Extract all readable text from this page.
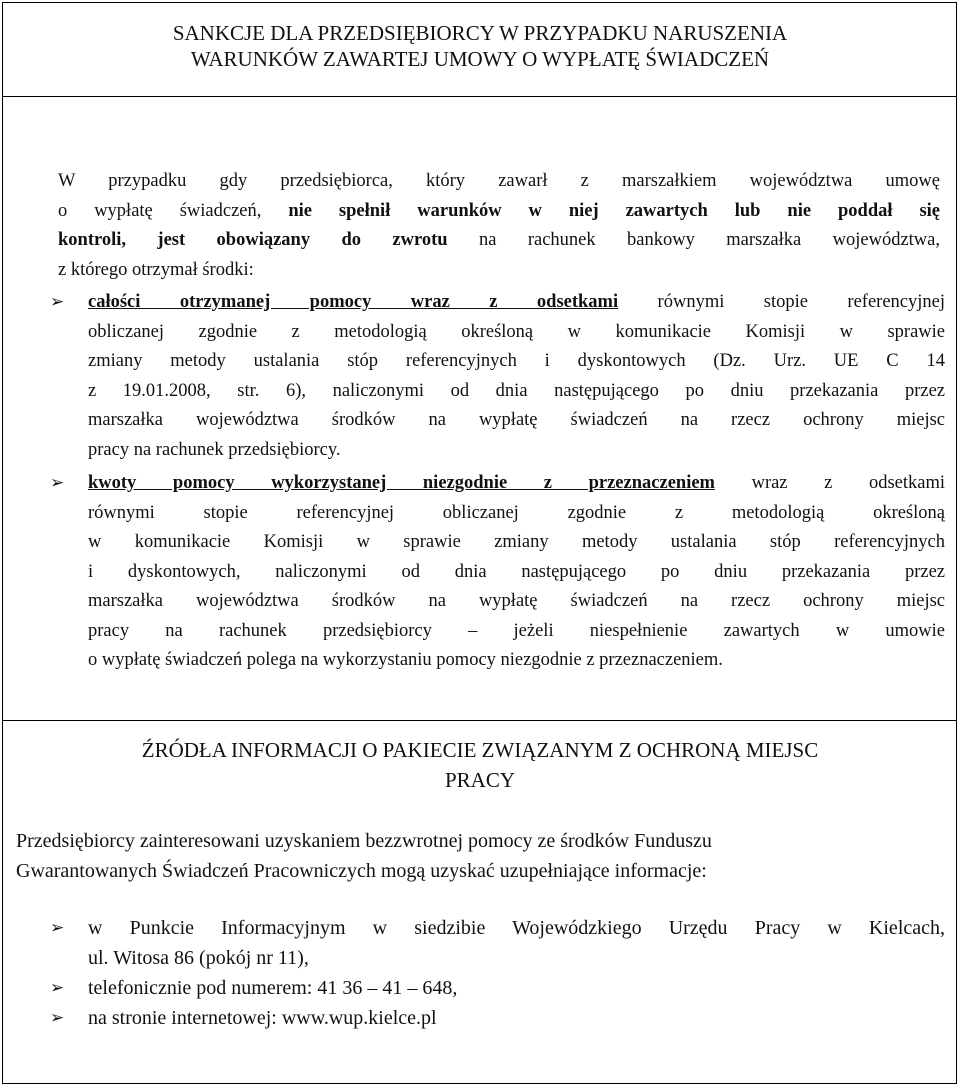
SANKCJE DLA PRZEDSIĘBIORCY W PRZYPADKU NARUSZENIA
WARUNKÓW ZAWARTEJ UMOWY O WYPŁATĘ ŚWIADCZEŃ
W przypadku gdy przedsiębiorca, który zawarł z marszałkiem województwa umowę
o wypłatę świadczeń, nie spełnił warunków w niej zawartych lub nie poddał się
kontroli, jest obowiązany do zwrotu na rachunek bankowy marszałka województwa,
z którego otrzymał środki:
➢	całości otrzymanej pomocy wraz z odsetkami równymi stopie referencyjnej
obliczanej zgodnie z metodologią określoną w komunikacie Komisji w sprawie
zmiany metody ustalania stóp referencyjnych i dyskontowych (Dz. Urz. UE C 14
z 19.01.2008, str. 6), naliczonymi od dnia następującego po dniu przekazania przez
marszałka województwa środków na wypłatę świadczeń na rzecz ochrony miejsc
pracy na rachunek przedsiębiorcy.
➢	kwoty pomocy wykorzystanej niezgodnie z przeznaczeniem wraz z odsetkami
równymi stopie referencyjnej obliczanej zgodnie z metodologią określoną
w komunikacie Komisji w sprawie zmiany metody ustalania stóp referencyjnych
i dyskontowych, naliczonymi od dnia następującego po dniu przekazania przez
marszałka województwa środków na wypłatę świadczeń na rzecz ochrony miejsc
pracy na rachunek przedsiębiorcy – jeżeli niespełnienie zawartych w umowie
o wypłatę świadczeń polega na wykorzystaniu pomocy niezgodnie z przeznaczeniem.
ŹRÓDŁA INFORMACJI O PAKIECIE ZWIĄZANYM Z OCHRONĄ MIEJSC
PRACY
Przedsiębiorcy zainteresowani uzyskaniem bezzwrotnej pomocy ze środków Funduszu
Gwarantowanych Świadczeń Pracowniczych mogą uzyskać uzupełniające informacje:
➢	w Punkcie Informacyjnym w siedzibie Wojewódzkiego Urzędu Pracy w Kielcach,
ul. Witosa 86 (pokój nr 11),
➢	telefonicznie pod numerem: 41 36 – 41 – 648,
➢	na stronie internetowej: www.wup.kielce.pl
